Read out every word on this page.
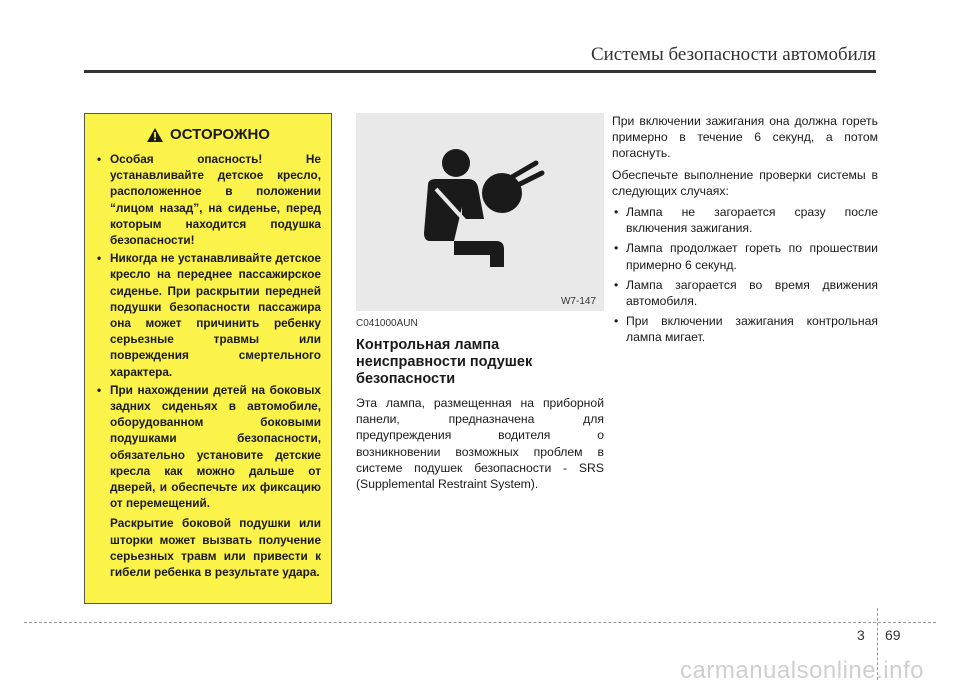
Системы безопасности автомобиля
ОСТОРОЖНО
• Особая опасность! Не устанавливайте детское кресло, расположенное в положении “лицом назад”, на сиденье, перед которым находится подушка безопасности!
• Никогда не устанавливайте детское кресло на переднее пассажирское сиденье. При раскрытии передней подушки безопасности пассажира она может причинить ребенку серьезные травмы или повреждения смертельного характера.
• При нахождении детей на боковых задних сиденьях в автомобиле, оборудованном боковыми подушками безопасности, обязательно установите детские кресла как можно дальше от дверей, и обеспечьте их фиксацию от перемещений.
Раскрытие боковой подушки или шторки может вызвать получение серьезных травм или привести к гибели ребенка в результате удара.
W7-147
C041000AUN
Контрольная лампа неисправности подушек безопасности

Эта лампа, размещенная на приборной панели, предназначена для предупреждения водителя о возникновении возможных проблем в системе подушек безопасности - SRS (Supplemental Restraint System).

При включении зажигания она должна гореть примерно в течение 6 секунд, а потом погаснуть.

Обеспечьте выполнение проверки системы в следующих случаях:

• Лампа не загорается сразу после включения зажигания.
• Лампа продолжает гореть по прошествии примерно 6 секунд.
• Лампа загорается во время движения автомобиля.
• При включении зажигания контрольная лампа мигает.
3 69
carmanualsonline.info
